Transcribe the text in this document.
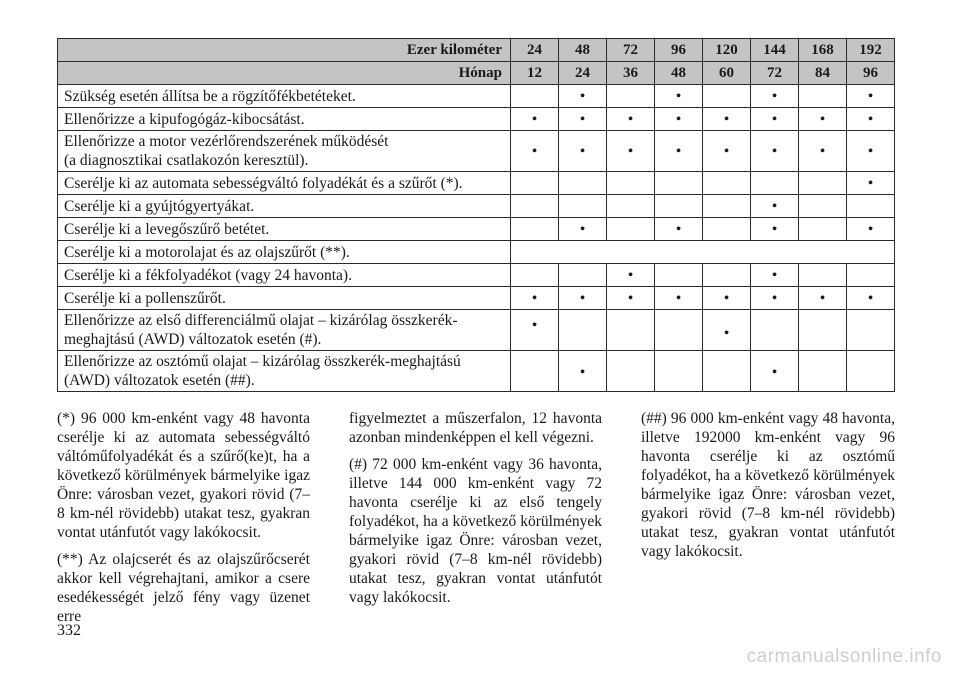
Ezer kilométer	24	48	72	96	120	144	168	192
Hónap	12	24	36	48	60	72	84	96
Szükség esetén állítsa be a rögzítőfékbetéteket.		•		•		•		•
Ellenőrizze a kipufogógáz-kibocsátást.	•	•	•	•	•	•	•	•
Ellenőrizze a motor vezérlőrendszerének működését
(a diagnosztikai csatlakozón keresztül).	•	•	•	•	•	•	•	•
Cserélje ki az automata sebességváltó folyadékát és a szűrőt (*).								•
Cserélje ki a gyújtógyertyákat.						•		
Cserélje ki a levegőszűrő betétet.		•		•		•		•
Cserélje ki a motorolajat és az olajszűrőt (**).								
Cserélje ki a fékfolyadékot (vagy 24 havonta).			•			•		
Cserélje ki a pollenszűrőt.	•	•	•	•	•	•	•	•
Ellenőrizze az első differenciálmű olajat – kizárólag összkerék-
meghajtású (AWD) változatok esetén (#).	•				•			

Ellenőrizze az osztómű olajat – kizárólag összkerék-meghajtású
(AWD) változatok esetén (##).		•				•		

(*) 96 000 km-enként vagy 48 havonta cserélje ki az automata sebességváltó váltóműfolyadékát és a szűrő(ke)t, ha a következő körülmények bármelyike igaz Önre: városban vezet, gyakori rövid (7–8 km-nél rövidebb) utakat tesz, gyakran vontat utánfutót vagy lakókocsit.

(**) Az olajcserét és az olajszűrőcserét akkor kell végrehajtani, amikor a csere esedékességét jelző fény vagy üzenet erre

figyelmeztet a műszerfalon, 12 havonta azonban mindenképpen el kell végezni.

(#) 72 000 km-enként vagy 36 havonta, illetve 144 000 km-enként vagy 72 havonta cserélje ki az első tengely folyadékot, ha a következő körülmények bármelyike igaz Önre: városban vezet, gyakori rövid (7–8 km-nél rövidebb) utakat tesz, gyakran vontat utánfutót vagy lakókocsit.

(##) 96 000 km-enként vagy 48 havonta, illetve 192000 km-enként vagy 96 havonta cserélje ki az osztómű folyadékot, ha a következő körülmények bármelyike igaz Önre: városban vezet, gyakori rövid (7–8 km-nél rövidebb) utakat tesz, gyakran vontat utánfutót vagy lakókocsit.

332
carmanualsonline.info
